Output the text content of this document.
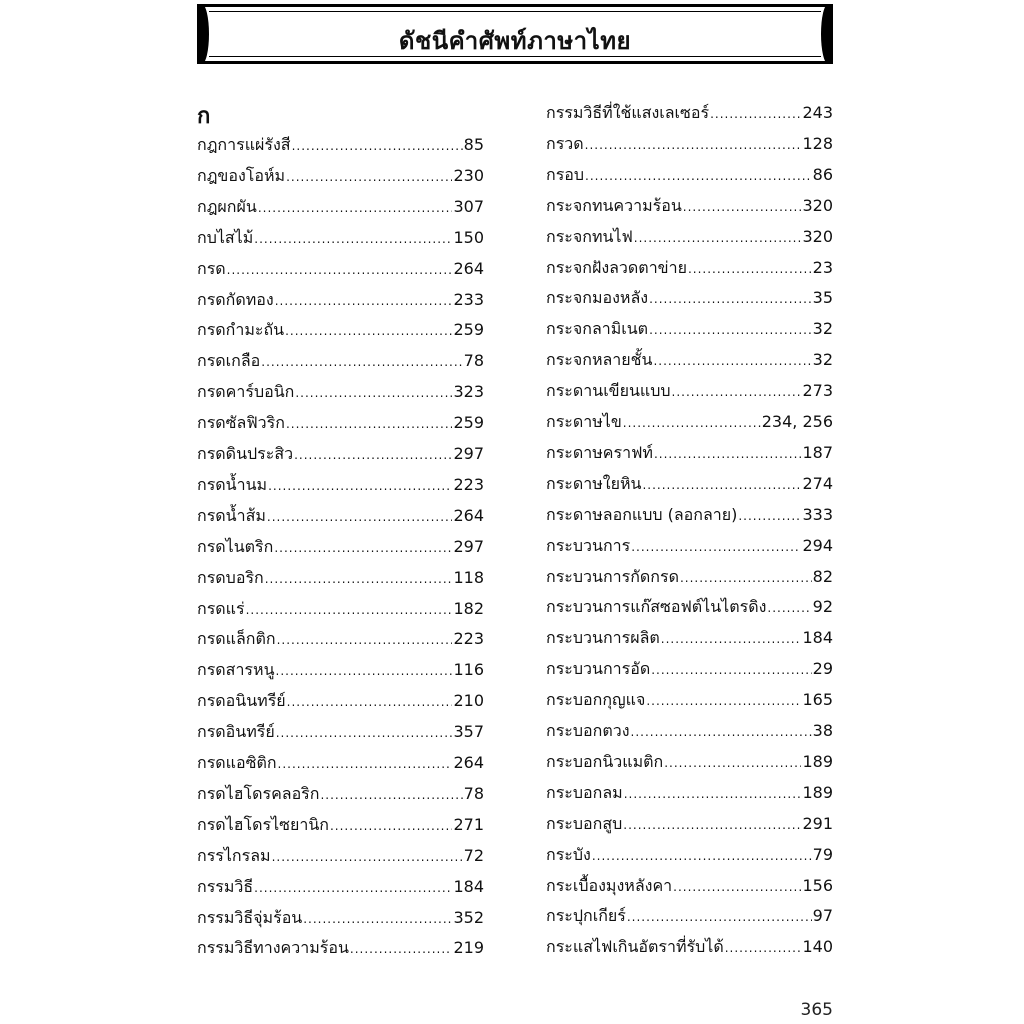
ดัชนีคำศัพท์ภาษาไทย
ก
กฎการแผ่รังสี .....	85
กฎของโอห์ม .....	230
กฎผกผัน .....	307
กบไสไม้ .....	150
กรด .....	264
กรดกัดทอง .....	233
กรดกำมะถัน .....	259
กรดเกลือ .....	78
กรดคาร์บอนิก .....	323
กรดซัลฟิวริก .....	259
กรดดินประสิว .....	297
กรดน้ำนม .....	223
กรดน้ำส้ม .....	264
กรดไนตริก .....	297
กรดบอริก .....	118
กรดแร่ .....	182
กรดแล็กติก .....	223
กรดสารหนู .....	116
กรดอนินทรีย์ .....	210
กรดอินทรีย์ .....	357
กรดแอซิติก .....	264
กรดไฮโดรคลอริก .....	78
กรดไฮโดรไซยานิก .....	271
กรรไกรลม .....	72
กรรมวิธี .....	184
กรรมวิธีจุ่มร้อน .....	352
กรรมวิธีทางความร้อน .....	219
กรรมวิธีที่ใช้แสงเลเซอร์ .....	243
กรวด .....	128
กรอบ .....	86
กระจกทนความร้อน .....	320
กระจกทนไฟ .....	320
กระจกฝังลวดตาข่าย .....	23
กระจกมองหลัง .....	35
กระจกลามิเนต .....	32
กระจกหลายชั้น .....	32
กระดานเขียนแบบ .....	273
กระดาษไข .....	234, 256
กระดาษคราฟท์ .....	187
กระดาษใยหิน .....	274
กระดาษลอกแบบ (ลอกลาย) .....	333
กระบวนการ .....	294
กระบวนการกัดกรด .....	82
กระบวนการแก๊สซอฟต์ไนไตรดิง .....	92
กระบวนการผลิต .....	184
กระบวนการอัด .....	29
กระบอกกุญแจ .....	165
กระบอกตวง .....	38
กระบอกนิวแมติก .....	189
กระบอกลม .....	189
กระบอกสูบ .....	291
กระบัง .....	79
กระเบื้องมุงหลังคา .....	156
กระปุกเกียร์ .....	97
กระแสไฟเกินอัตราที่รับได้ .....	140
365
